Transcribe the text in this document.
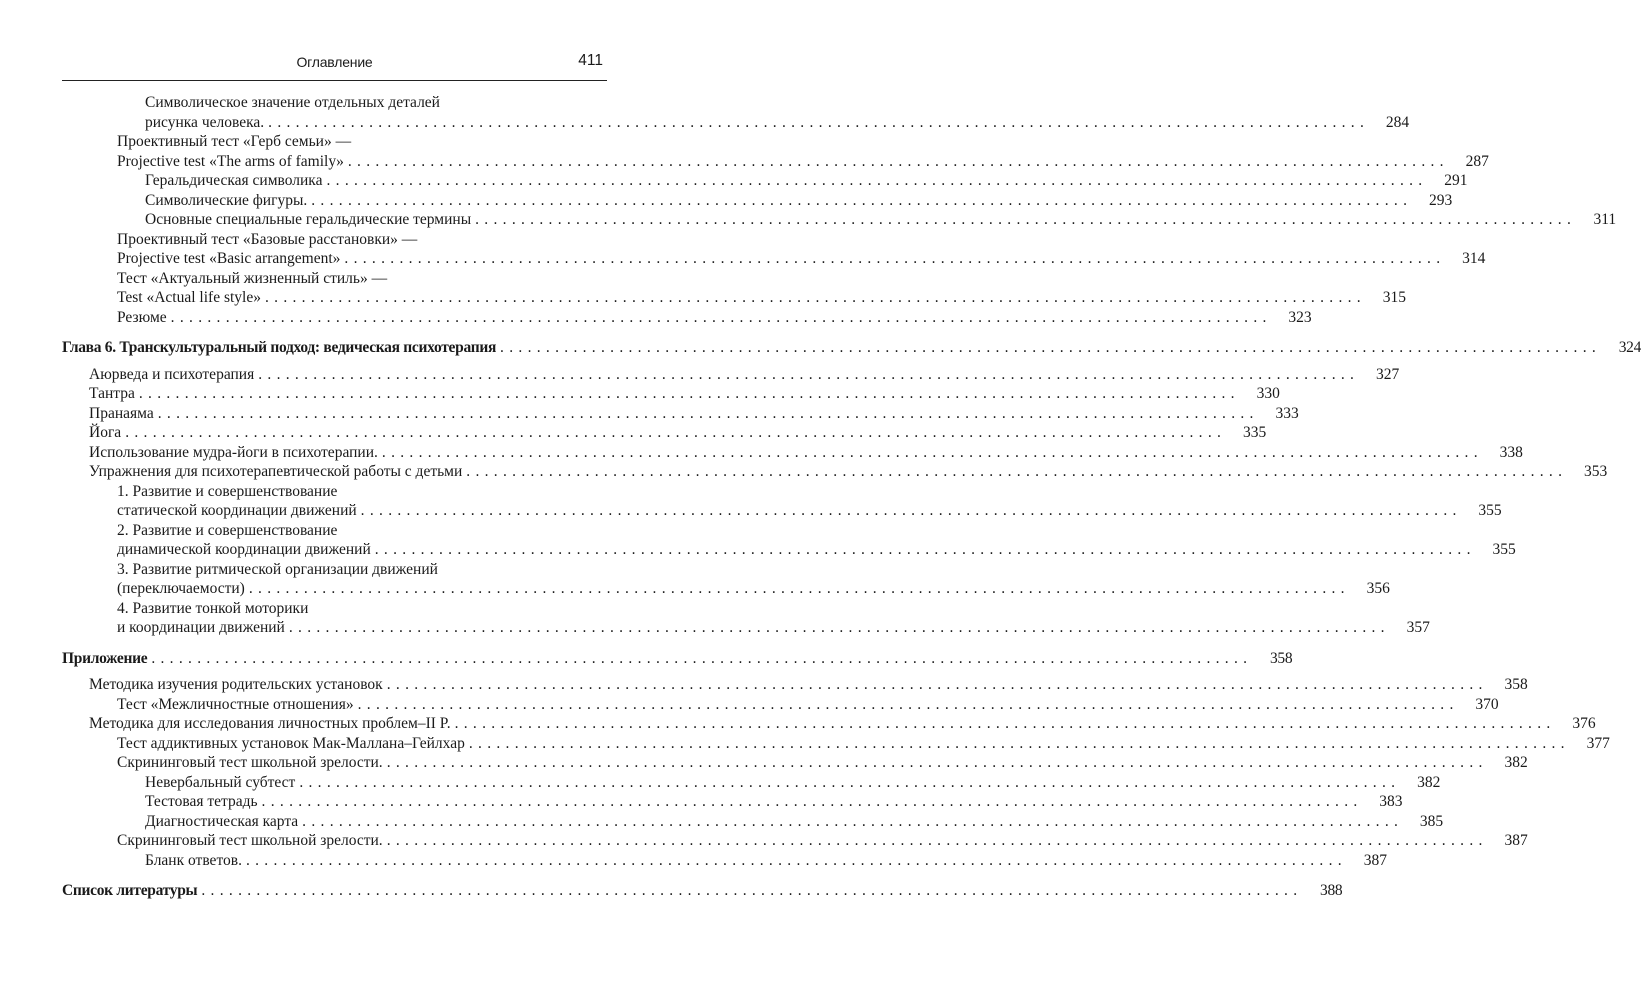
Оглавление	411
Символическое значение отдельных деталей
рисунка человека. ........................................................................................................................	284
Проективный тест «Герб семьи» —
Projective test «The arms of family» ........................................................................................................................	287
Геральдическая символика ........................................................................................................................	291
Символические фигуры. ........................................................................................................................	293
Основные специальные геральдические термины ........................................................................................................................	311
Проективный тест «Базовые расстановки» —
Projective test «Basic arrangement» ........................................................................................................................	314
Тест «Актуальный жизненный стиль» —
Test «Actual life style» ........................................................................................................................	315
Резюме ........................................................................................................................	323
Глава 6. Транскультуральный подход: ведическая психотерапия ........................................................................................................................	324
Аюрведа и психотерапия ........................................................................................................................	327
Тантра ........................................................................................................................	330
Пранаяма ........................................................................................................................	333
Йога ........................................................................................................................	335
Использование мудра-йоги в психотерапии. ........................................................................................................................	338
Упражнения для психотерапевтической работы с детьми ........................................................................................................................	353
1. Развитие и совершенствование
статической координации движений ........................................................................................................................	355
2. Развитие и совершенствование
динамической координации движений ........................................................................................................................	355
3. Развитие ритмической организации движений
(переключаемости) ........................................................................................................................	356
4. Развитие тонкой моторики
и координации движений ........................................................................................................................	357
Приложение ........................................................................................................................	358
Методика изучения родительских установок ........................................................................................................................	358
Тест «Межличностные отношения» ........................................................................................................................	370
Методика для исследования личностных проблем–II P. ........................................................................................................................	376
Тест аддиктивных установок Мак-Маллана–Гейлхар ........................................................................................................................	377
Скрининговый тест школьной зрелости. ........................................................................................................................	382
Невербальный субтест ........................................................................................................................	382
Тестовая тетрадь ........................................................................................................................	383
Диагностическая карта ........................................................................................................................	385
Скрининговый тест школьной зрелости. ........................................................................................................................	387
Бланк ответов. ........................................................................................................................	387
Список литературы ........................................................................................................................	388
